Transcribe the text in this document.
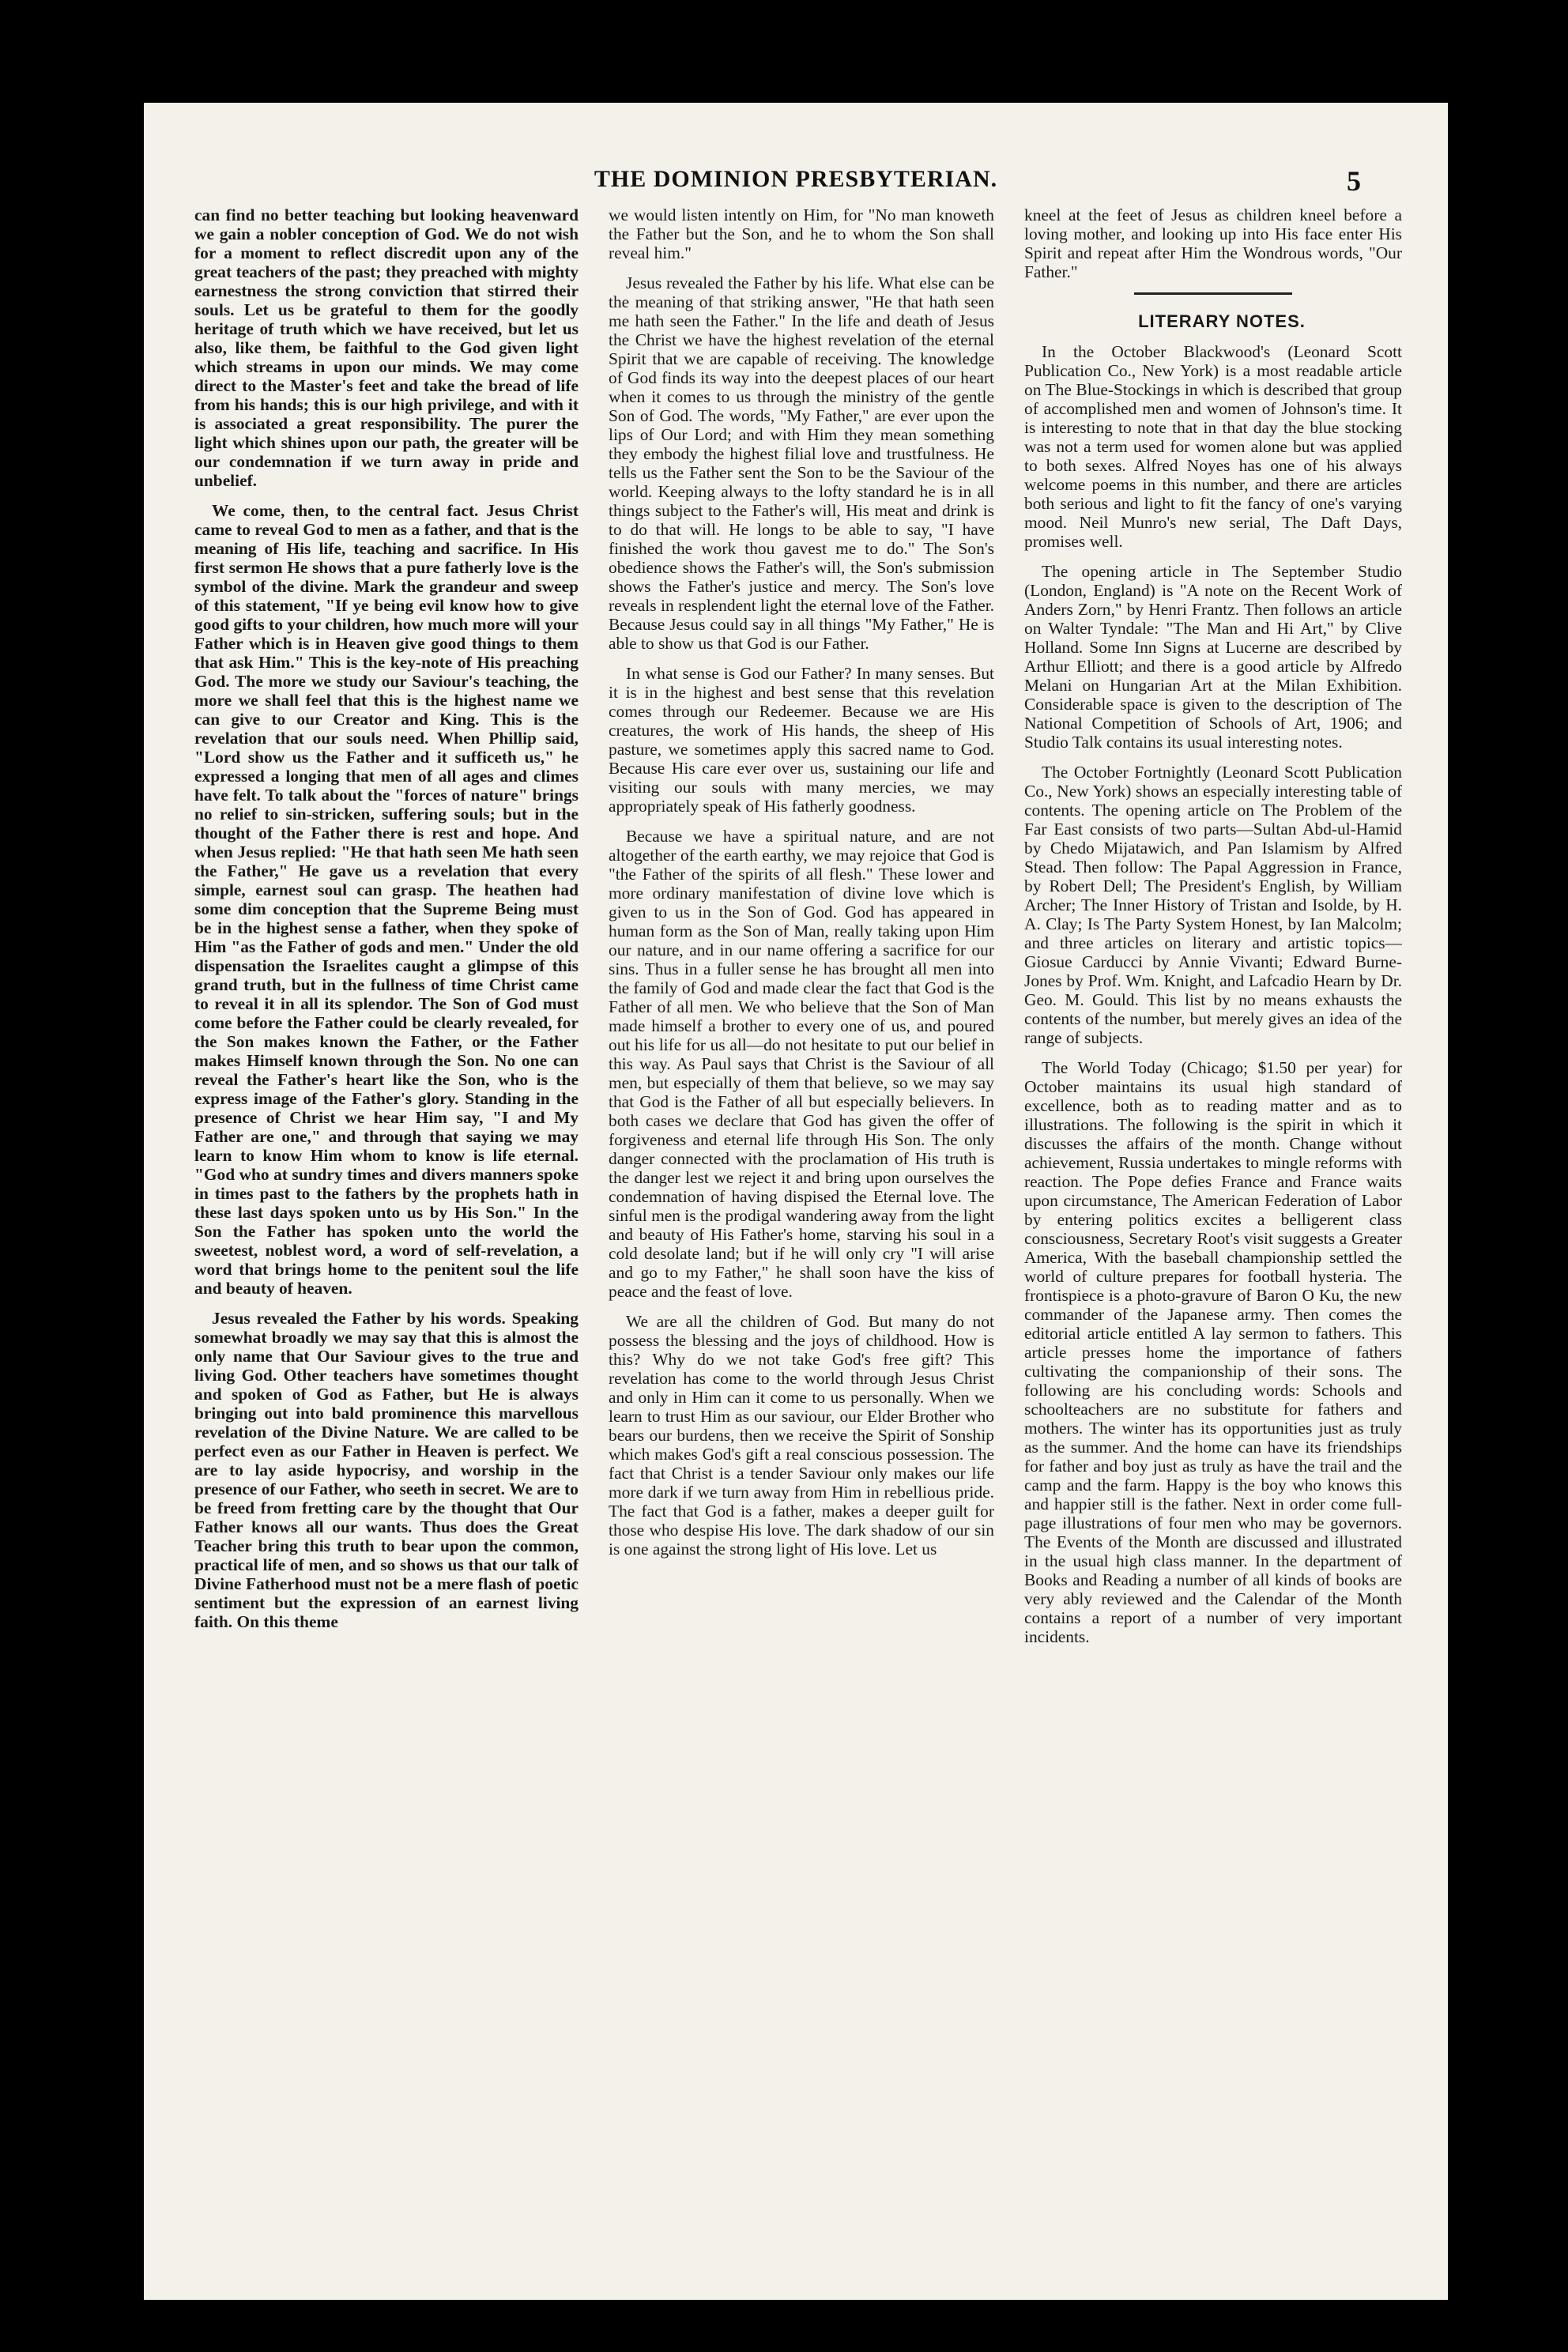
5
THE DOMINION PRESBYTERIAN.

can find no better teaching but looking heavenward we gain a nobler conception of God. We do not wish for a moment to reflect discredit upon any of the great teachers of the past; they preached with mighty earnestness the strong conviction that stirred their souls. Let us be grateful to them for the goodly heritage of truth which we have received, but let us also, like them, be faithful to the God given light which streams in upon our minds. We may come direct to the Master's feet and take the bread of life from his hands; this is our high privilege, and with it is associated a great responsibility. The purer the light which shines upon our path, the greater will be our condemnation if we turn away in pride and unbelief.

We come, then, to the central fact. Jesus Christ came to reveal God to men as a father, and that is the meaning of His life, teaching and sacrifice. In His first sermon He shows that a pure fatherly love is the symbol of the divine. Mark the grandeur and sweep of this statement, "If ye being evil know how to give good gifts to your children, how much more will your Father which is in Heaven give good things to them that ask Him." This is the key-note of His preaching God. The more we study our Saviour's teaching, the more we shall feel that this is the highest name we can give to our Creator and King. This is the revelation that our souls need. When Phillip said, "Lord show us the Father and it sufficeth us," he expressed a longing that men of all ages and climes have felt. To talk about the "forces of nature" brings no relief to sin-stricken, suffering souls; but in the thought of the Father there is rest and hope. And when Jesus replied: "He that hath seen Me hath seen the Father," He gave us a revelation that every simple, earnest soul can grasp. The heathen had some dim conception that the Supreme Being must be in the highest sense a father, when they spoke of Him "as the Father of gods and men." Under the old dispensation the Israelites caught a glimpse of this grand truth, but in the fullness of time Christ came to reveal it in all its splendor. The Son of God must come before the Father could be clearly revealed, for the Son makes known the Father, or the Father makes Himself known through the Son. No one can reveal the Father's heart like the Son, who is the express image of the Father's glory. Standing in the presence of Christ we hear Him say, "I and My Father are one," and through that saying we may learn to know Him whom to know is life eternal. "God who at sundry times and divers manners spoke in times past to the fathers by the prophets hath in these last days spoken unto us by His Son." In the Son the Father has spoken unto the world the sweetest, noblest word, a word of self-revelation, a word that brings home to the penitent soul the life and beauty of heaven.

Jesus revealed the Father by his words. Speaking somewhat broadly we may say that this is almost the only name that Our Saviour gives to the true and living God. Other teachers have sometimes thought and spoken of God as Father, but He is always bringing out into bald prominence this marvellous revelation of the Divine Nature. We are called to be perfect even as our Father in Heaven is perfect. We are to lay aside hypocrisy, and worship in the presence of our Father, who seeth in secret. We are to be freed from fretting care by the thought that Our Father knows all our wants. Thus does the Great Teacher bring this truth to bear upon the common, practical life of men, and so shows us that our talk of Divine Fatherhood must not be a mere flash of poetic sentiment but the expression of an earnest living faith. On this theme

we would listen intently on Him, for "No man knoweth the Father but the Son, and he to whom the Son shall reveal him."

Jesus revealed the Father by his life. What else can be the meaning of that striking answer, "He that hath seen me hath seen the Father." In the life and death of Jesus the Christ we have the highest revelation of the eternal Spirit that we are capable of receiving. The knowledge of God finds its way into the deepest places of our heart when it comes to us through the ministry of the gentle Son of God. The words, "My Father," are ever upon the lips of Our Lord; and with Him they mean something they embody the highest filial love and trustfulness. He tells us the Father sent the Son to be the Saviour of the world. Keeping always to the lofty standard he is in all things subject to the Father's will, His meat and drink is to do that will. He longs to be able to say, "I have finished the work thou gavest me to do." The Son's obedience shows the Father's will, the Son's submission shows the Father's justice and mercy. The Son's love reveals in resplendent light the eternal love of the Father. Because Jesus could say in all things "My Father," He is able to show us that God is our Father.

In what sense is God our Father? In many senses. But it is in the highest and best sense that this revelation comes through our Redeemer. Because we are His creatures, the work of His hands, the sheep of His pasture, we sometimes apply this sacred name to God. Because His care ever over us, sustaining our life and visiting our souls with many mercies, we may appropriately speak of His fatherly goodness.

Because we have a spiritual nature, and are not altogether of the earth earthy, we may rejoice that God is "the Father of the spirits of all flesh." These lower and more ordinary manifestation of divine love which is given to us in the Son of God. God has appeared in human form as the Son of Man, really taking upon Him our nature, and in our name offering a sacrifice for our sins. Thus in a fuller sense he has brought all men into the family of God and made clear the fact that God is the Father of all men. We who believe that the Son of Man made himself a brother to every one of us, and poured out his life for us all—do not hesitate to put our belief in this way. As Paul says that Christ is the Saviour of all men, but especially of them that believe, so we may say that God is the Father of all but especially believers. In both cases we declare that God has given the offer of forgiveness and eternal life through His Son. The only danger connected with the proclamation of His truth is the danger lest we reject it and bring upon ourselves the condemnation of having dispised the Eternal love. The sinful men is the prodigal wandering away from the light and beauty of His Father's home, starving his soul in a cold desolate land; but if he will only cry "I will arise and go to my Father," he shall soon have the kiss of peace and the feast of love.

We are all the children of God. But many do not possess the blessing and the joys of childhood. How is this? Why do we not take God's free gift? This revelation has come to the world through Jesus Christ and only in Him can it come to us personally. When we learn to trust Him as our saviour, our Elder Brother who bears our burdens, then we receive the Spirit of Sonship which makes God's gift a real conscious possession. The fact that Christ is a tender Saviour only makes our life more dark if we turn away from Him in rebellious pride. The fact that God is a father, makes a deeper guilt for those who despise His love. The dark shadow of our sin is one against the strong light of His love. Let us

kneel at the feet of Jesus as children kneel before a loving mother, and looking up into His face enter His Spirit and repeat after Him the Wondrous words, "Our Father."

LITERARY NOTES.

In the October Blackwood's (Leonard Scott Publication Co., New York) is a most readable article on The Blue-Stockings in which is described that group of accomplished men and women of Johnson's time. It is interesting to note that in that day the blue stocking was not a term used for women alone but was applied to both sexes. Alfred Noyes has one of his always welcome poems in this number, and there are articles both serious and light to fit the fancy of one's varying mood. Neil Munro's new serial, The Daft Days, promises well.

The opening article in The September Studio (London, England) is "A note on the Recent Work of Anders Zorn," by Henri Frantz. Then follows an article on Walter Tyndale: "The Man and Hi Art," by Clive Holland. Some Inn Signs at Lucerne are described by Arthur Elliott; and there is a good article by Alfredo Melani on Hungarian Art at the Milan Exhibition. Considerable space is given to the description of The National Competition of Schools of Art, 1906; and Studio Talk contains its usual interesting notes.

The October Fortnightly (Leonard Scott Publication Co., New York) shows an especially interesting table of contents. The opening article on The Problem of the Far East consists of two parts—Sultan Abd-ul-Hamid by Chedo Mijatawich, and Pan Islamism by Alfred Stead. Then follow: The Papal Aggression in France, by Robert Dell; The President's English, by William Archer; The Inner History of Tristan and Isolde, by H. A. Clay; Is The Party System Honest, by Ian Malcolm; and three articles on literary and artistic topics—Giosue Carducci by Annie Vivanti; Edward Burne-Jones by Prof. Wm. Knight, and Lafcadio Hearn by Dr. Geo. M. Gould. This list by no means exhausts the contents of the number, but merely gives an idea of the range of subjects.

The World Today (Chicago; $1.50 per year) for October maintains its usual high standard of excellence, both as to reading matter and as to illustrations. The following is the spirit in which it discusses the affairs of the month. Change without achievement, Russia undertakes to mingle reforms with reaction. The Pope defies France and France waits upon circumstance, The American Federation of Labor by entering politics excites a belligerent class consciousness, Secretary Root's visit suggests a Greater America, With the baseball championship settled the world of culture prepares for football hysteria. The frontispiece is a photo-gravure of Baron O Ku, the new commander of the Japanese army. Then comes the editorial article entitled A lay sermon to fathers. This article presses home the importance of fathers cultivating the companionship of their sons. The following are his concluding words: Schools and schoolteachers are no substitute for fathers and mothers. The winter has its opportunities just as truly as the summer. And the home can have its friendships for father and boy just as truly as have the trail and the camp and the farm. Happy is the boy who knows this and happier still is the father. Next in order come full-page illustrations of four men who may be governors. The Events of the Month are discussed and illustrated in the usual high class manner. In the department of Books and Reading a number of all kinds of books are very ably reviewed and the Calendar of the Month contains a report of a number of very important incidents.
